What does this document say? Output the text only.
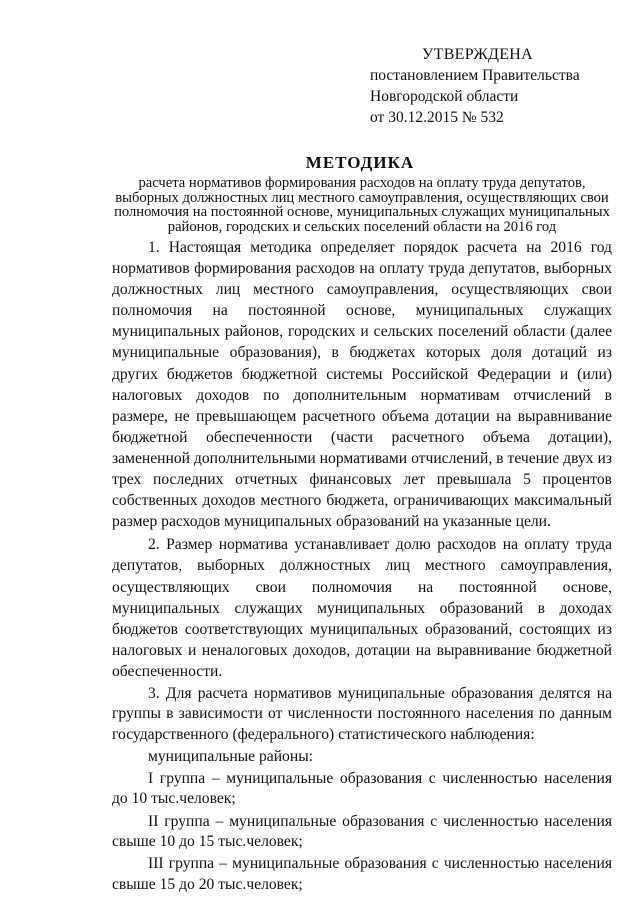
УТВЕРЖДЕНА
постановлением Правительства
Новгородской области
от 30.12.2015 № 532
МЕТОДИКА
расчета нормативов формирования расходов на оплату труда депутатов, выборных должностных лиц местного самоуправления, осуществляющих свои полномочия на постоянной основе, муниципальных служащих муниципальных районов, городских и сельских поселений области на 2016 год

1. Настоящая методика определяет порядок расчета на 2016 год нормативов формирования расходов на оплату труда депутатов, выборных должностных лиц местного самоуправления, осуществляющих свои полномочия на постоянной основе, муниципальных служащих муниципальных районов, городских и сельских поселений области (далее муниципальные образования), в бюджетах которых доля дотаций из других бюджетов бюджетной системы Российской Федерации и (или) налоговых доходов по дополнительным нормативам отчислений в размере, не превышающем расчетного объема дотации на выравнивание бюджетной обеспеченности (части расчетного объема дотации), замененной дополнительными нормативами отчислений, в течение двух из трех последних отчетных финансовых лет превышала 5 процентов собственных доходов местного бюджета, ограничивающих максимальный размер расходов муниципальных образований на указанные цели.

2. Размер норматива устанавливает долю расходов на оплату труда депутатов, выборных должностных лиц местного самоуправления, осуществляющих свои полномочия на постоянной основе, муниципальных служащих муниципальных образований в доходах бюджетов соответствующих муниципальных образований, состоящих из налоговых и неналоговых доходов, дотации на выравнивание бюджетной обеспеченности.

3. Для расчета нормативов муниципальные образования делятся на группы в зависимости от численности постоянного населения по данным государственного (федерального) статистического наблюдения:

муниципальные районы:

I группа – муниципальные образования с численностью населения до 10 тыс.человек;

II группа – муниципальные образования с численностью населения свыше 10 до 15 тыс.человек;

III группа – муниципальные образования с численностью населения свыше 15 до 20 тыс.человек;
